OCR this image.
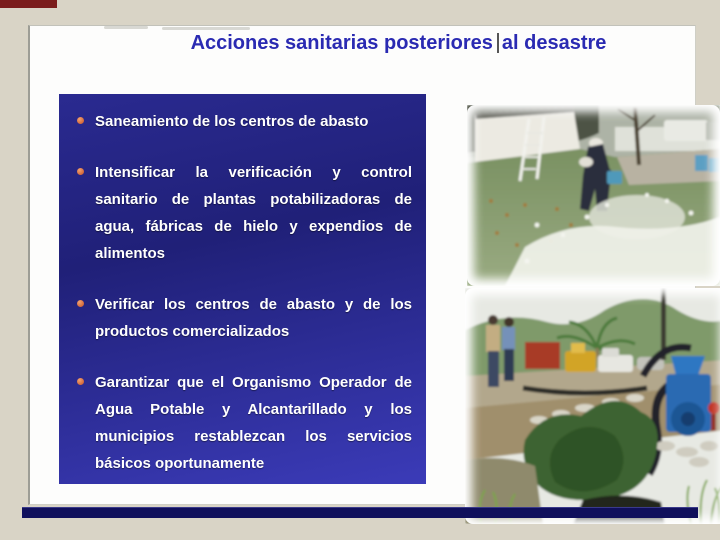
Acciones sanitarias posteriores al desastre
Saneamiento de los centros de abasto
Intensificar la verificación y control sanitario de plantas potabilizadoras de agua, fábricas de hielo y expendios de alimentos
Verificar los centros de abasto y de los productos comercializados
Garantizar que el Organismo Operador de Agua Potable y Alcantarillado y los municipios restablezcan los servicios básicos oportunamente
